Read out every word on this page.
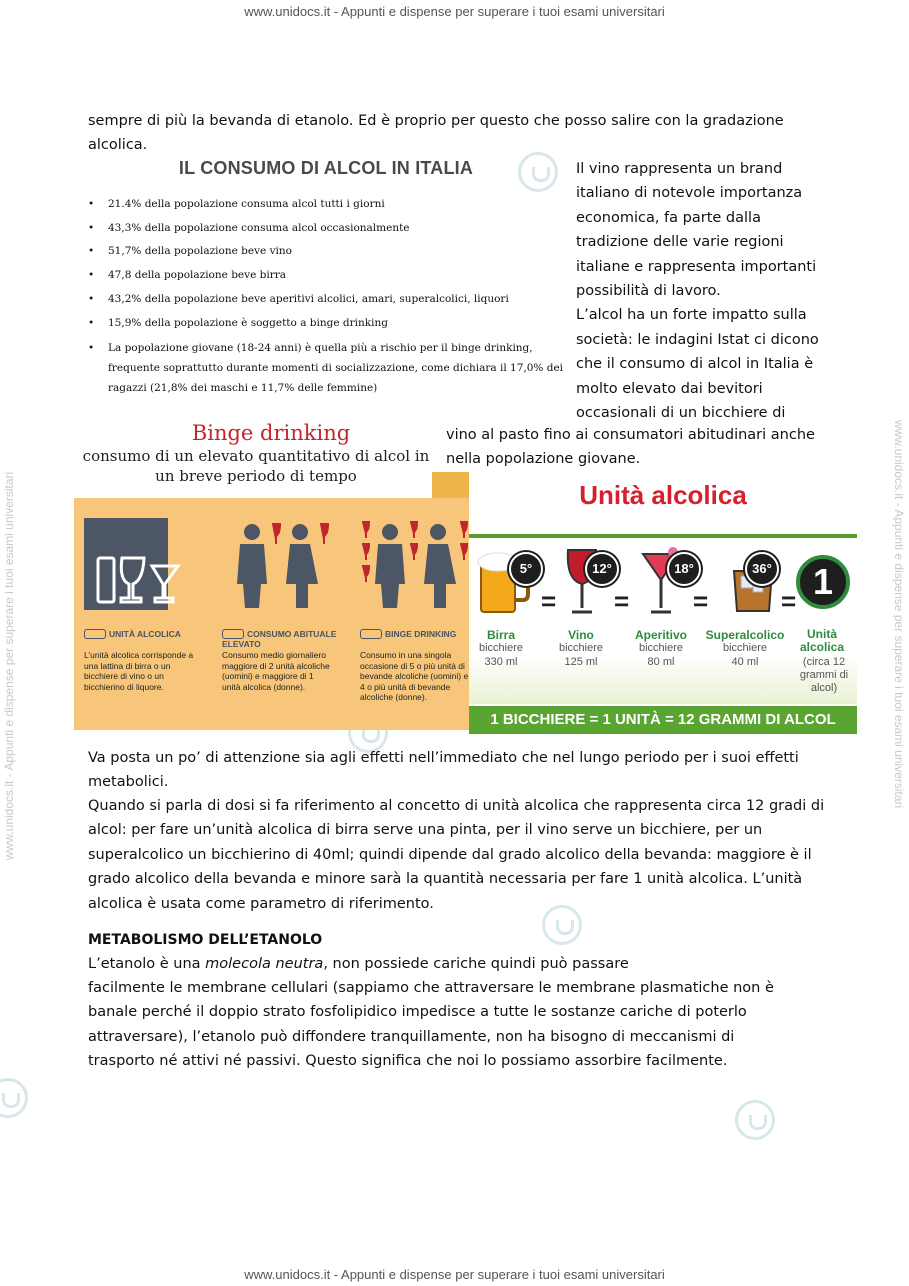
www.unidocs.it - Appunti e dispense per superare i tuoi esami universitari
www.unidocs.it - Appunti e dispense per superare i tuoi esami universitari
www.unidocs.it - Appunti e dispense per superare i tuoi esami universitari	www.unidocs.it - Appunti e dispense per superare i tuoi esami universitari

sempre di più la bevanda di etanolo. Ed è proprio per questo che posso salire con la gradazione alcolica.

IL CONSUMO DI ALCOL IN ITALIA
• 21.4% della popolazione consuma alcol tutti i giorni
• 43,3% della popolazione consuma alcol occasionalmente
• 51,7% della popolazione beve vino
• 47,8 della popolazione beve birra
• 43,2% della popolazione beve aperitivi alcolici, amari, superalcolici, liquori
• 15,9% della popolazione è soggetto a binge drinking
• La popolazione giovane (18-24 anni) è quella più a rischio per il binge drinking, frequente soprattutto durante momenti di socializzazione, come dichiara il 17,0% dei ragazzi (21,8% dei maschi e 11,7% delle femmine)

Il vino rappresenta un brand

italiano di notevole importanza

economica, fa parte dalla

tradizione delle varie regioni

italiane e rappresenta importanti

possibilità di lavoro.

L’alcol ha un forte impatto sulla

società: le indagini Istat ci dicono

che il consumo di alcol in Italia è

molto elevato dai bevitori

occasionali di un bicchiere di

vino al pasto fino ai consumatori abitudinari anche

nella popolazione giovane.

Binge drinking
consumo di un elevato quantitativo di alcol in un breve periodo di tempo
UNITÀ ALCOLICA
L’unità alcolica corrisponde a una lattina di birra o un bicchiere di vino o un bicchierino di liquore.
CONSUMO ABITUALE ELEVATO
Consumo medio giornaliero maggiore di 2 unità alcoliche (uomini) e maggiore di 1 unità alcolica (donne).
BINGE DRINKING
Consumo in una singola occasione di 5 o più unità di bevande alcoliche (uomini) e 4 o più unità di bevande alcoliche (donne).
Unità alcolica
1
5°
Birra
bicchiere
330 ml
=
12°
Vino
bicchiere
125 ml
=
18°
Aperitivo
bicchiere
80 ml
=
36°
Superalcolico
bicchiere
40 ml
=
Unità alcolica
(circa 12 grammi di alcol)
1 BICCHIERE = 1 UNITÀ = 12 GRAMMI DI ALCOL

Va posta un po’ di attenzione sia agli effetti nell’immediato che nel lungo periodo per i suoi effetti metabolici.

Quando si parla di dosi si fa riferimento al concetto di unità alcolica che rappresenta circa 12 gradi di alcol: per fare un’unità alcolica di birra serve una pinta, per il vino serve un bicchiere, per un superalcolico un bicchierino di 40ml; quindi dipende dal grado alcolico della bevanda: maggiore è il grado alcolico della bevanda e minore sarà la quantità necessaria per fare 1 unità alcolica. L’unità alcolica è usata come parametro di riferimento.

METABOLISMO DELL’ETANOLO

L’etanolo è una molecola neutra, non possiede cariche quindi può passare

facilmente le membrane cellulari (sappiamo che attraversare le membrane plasmatiche non è banale perché il doppio strato fosfolipidico impedisce a tutte le sostanze cariche di poterlo attraversare), l’etanolo può diffondere tranquillamente, non ha bisogno di meccanismi di trasporto né attivi né passivi. Questo significa che noi lo possiamo assorbire facilmente.
